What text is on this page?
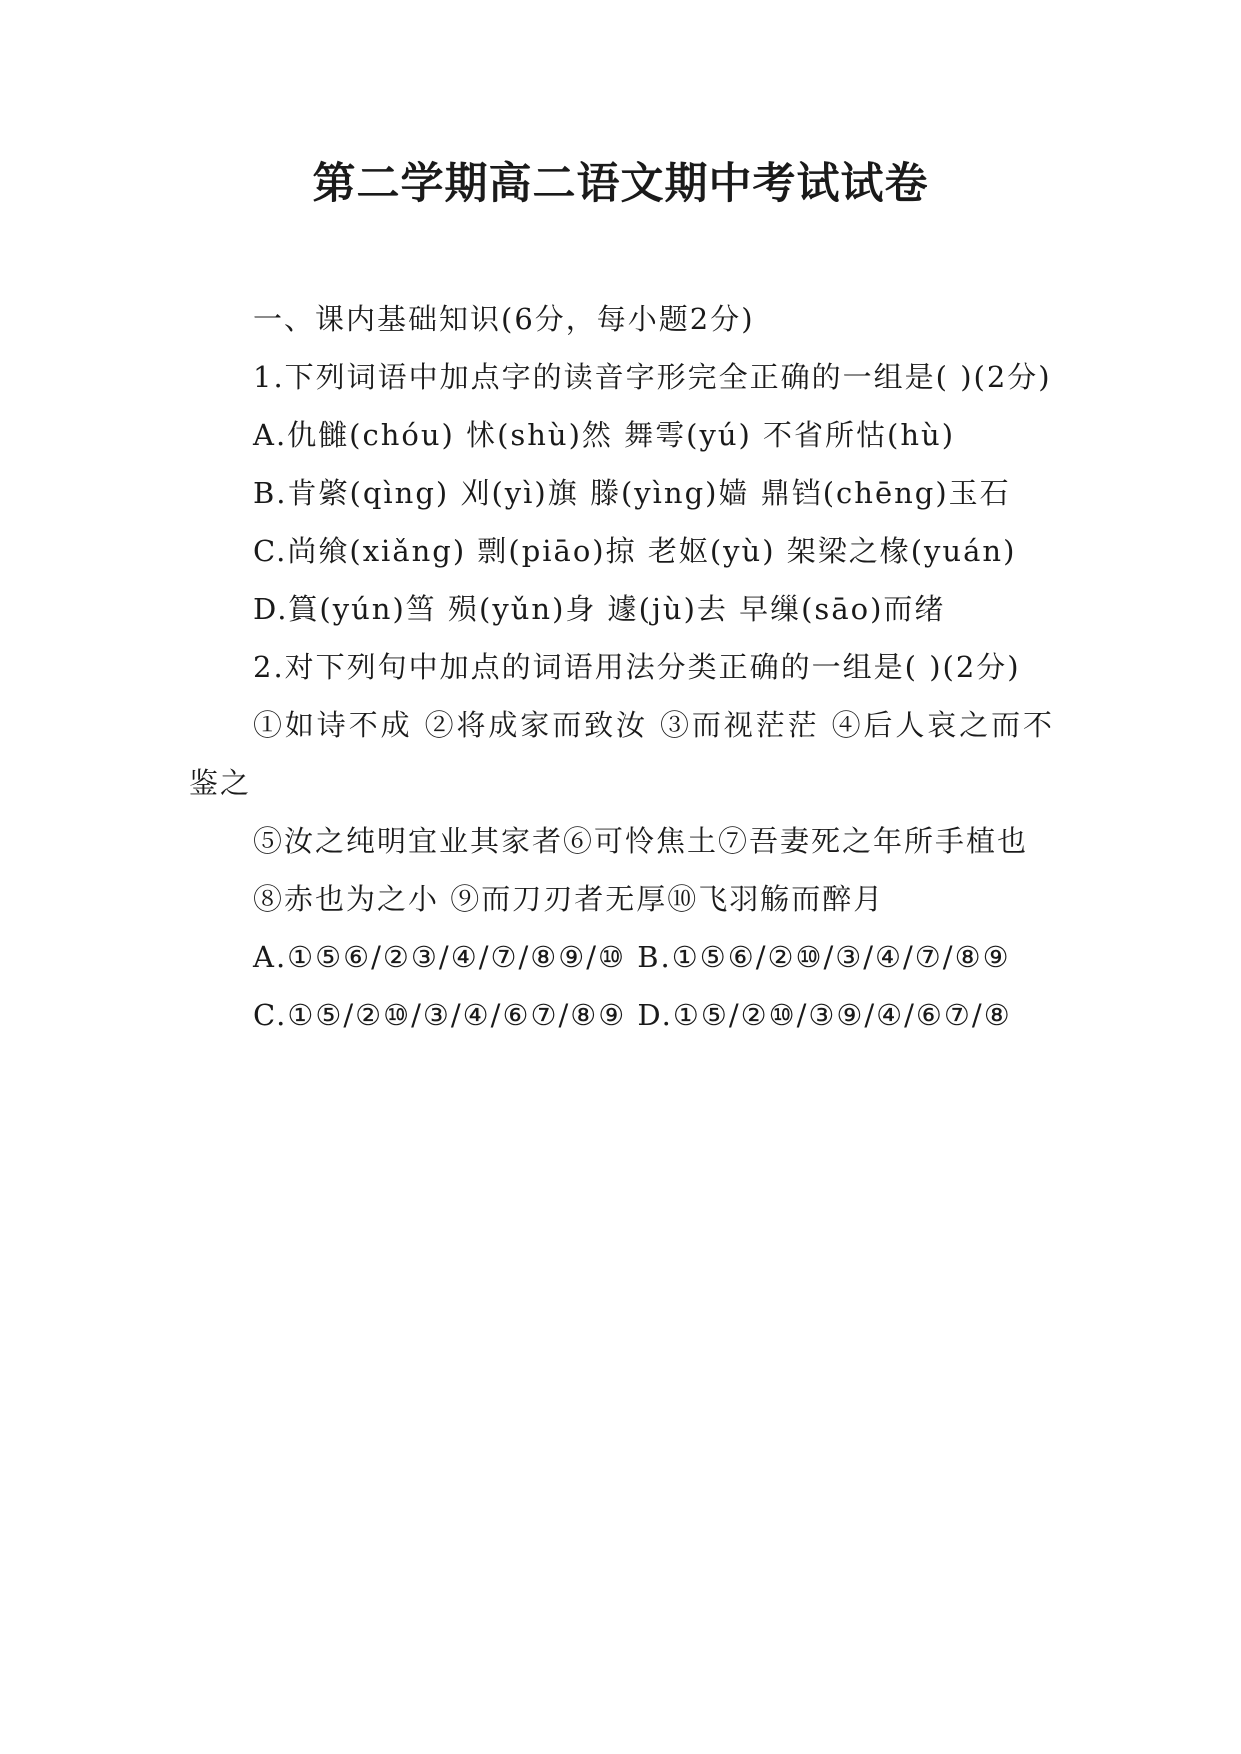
第二学期高二语文期中考试试卷

一、课内基础知识(6分，每小题2分)

1.下列词语中加点字的读音字形完全正确的一组是( )(2分)

A.仇雠(chóu) 怵(shù)然 舞雩(yú) 不省所怙(hù)

B.肯綮(qìng) 刈(yì)旗 滕(yìng)嫱 鼎铛(chēng)玉石

C.尚飨(xiǎng) 剽(piāo)掠 老妪(yù) 架梁之椽(yuán)

D.篔(yún)筜 殒(yǔn)身 遽(jù)去 早缫(sāo)而绪

2.对下列句中加点的词语用法分类正确的一组是( )(2分)

①如诗不成 ②将成家而致汝 ③而视茫茫 ④后人哀之而不鉴之

⑤汝之纯明宜业其家者⑥可怜焦土⑦吾妻死之年所手植也

⑧赤也为之小 ⑨而刀刃者无厚⑩飞羽觞而醉月

A.①⑤⑥/②③/④/⑦/⑧⑨/⑩ B.①⑤⑥/②⑩/③/④/⑦/⑧⑨

C.①⑤/②⑩/③/④/⑥⑦/⑧⑨ D.①⑤/②⑩/③⑨/④/⑥⑦/⑧
